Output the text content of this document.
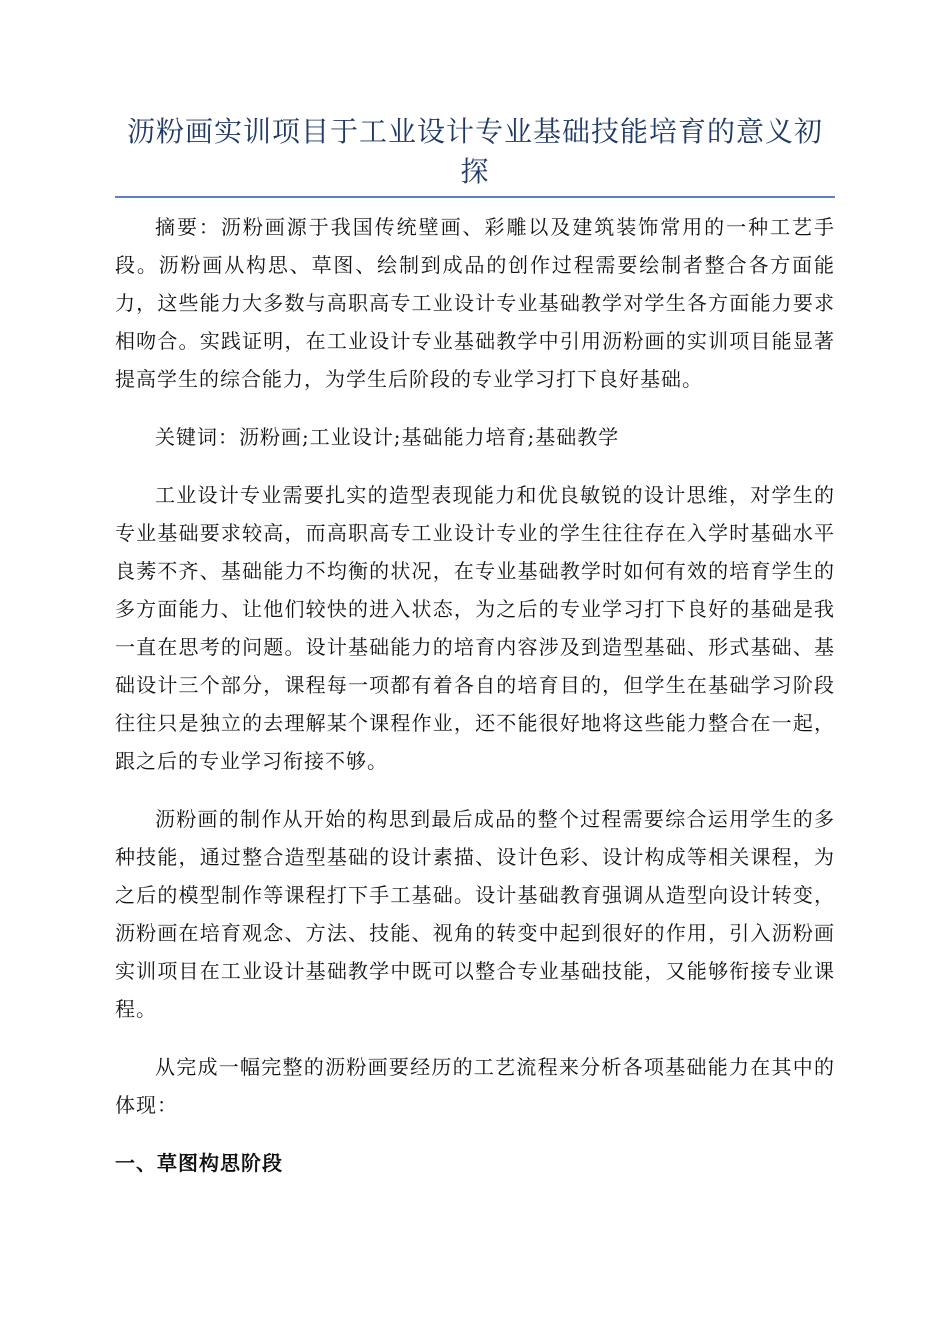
沥粉画实训项目于工业设计专业基础技能培育的意义初探

摘要：沥粉画源于我国传统壁画、彩雕以及建筑装饰常用的一种工艺手段。沥粉画从构思、草图、绘制到成品的创作过程需要绘制者整合各方面能力，这些能力大多数与高职高专工业设计专业基础教学对学生各方面能力要求相吻合。实践证明，在工业设计专业基础教学中引用沥粉画的实训项目能显著提高学生的综合能力，为学生后阶段的专业学习打下良好基础。

关键词：沥粉画;工业设计;基础能力培育;基础教学

工业设计专业需要扎实的造型表现能力和优良敏锐的设计思维，对学生的专业基础要求较高，而高职高专工业设计专业的学生往往存在入学时基础水平良莠不齐、基础能力不均衡的状况，在专业基础教学时如何有效的培育学生的多方面能力、让他们较快的进入状态，为之后的专业学习打下良好的基础是我一直在思考的问题。设计基础能力的培育内容涉及到造型基础、形式基础、基础设计三个部分，课程每一项都有着各自的培育目的，但学生在基础学习阶段往往只是独立的去理解某个课程作业，还不能很好地将这些能力整合在一起，跟之后的专业学习衔接不够。

沥粉画的制作从开始的构思到最后成品的整个过程需要综合运用学生的多种技能，通过整合造型基础的设计素描、设计色彩、设计构成等相关课程，为之后的模型制作等课程打下手工基础。设计基础教育强调从造型向设计转变，沥粉画在培育观念、方法、技能、视角的转变中起到很好的作用，引入沥粉画实训项目在工业设计基础教学中既可以整合专业基础技能，又能够衔接专业课程。

从完成一幅完整的沥粉画要经历的工艺流程来分析各项基础能力在其中的体现：

一、草图构思阶段
